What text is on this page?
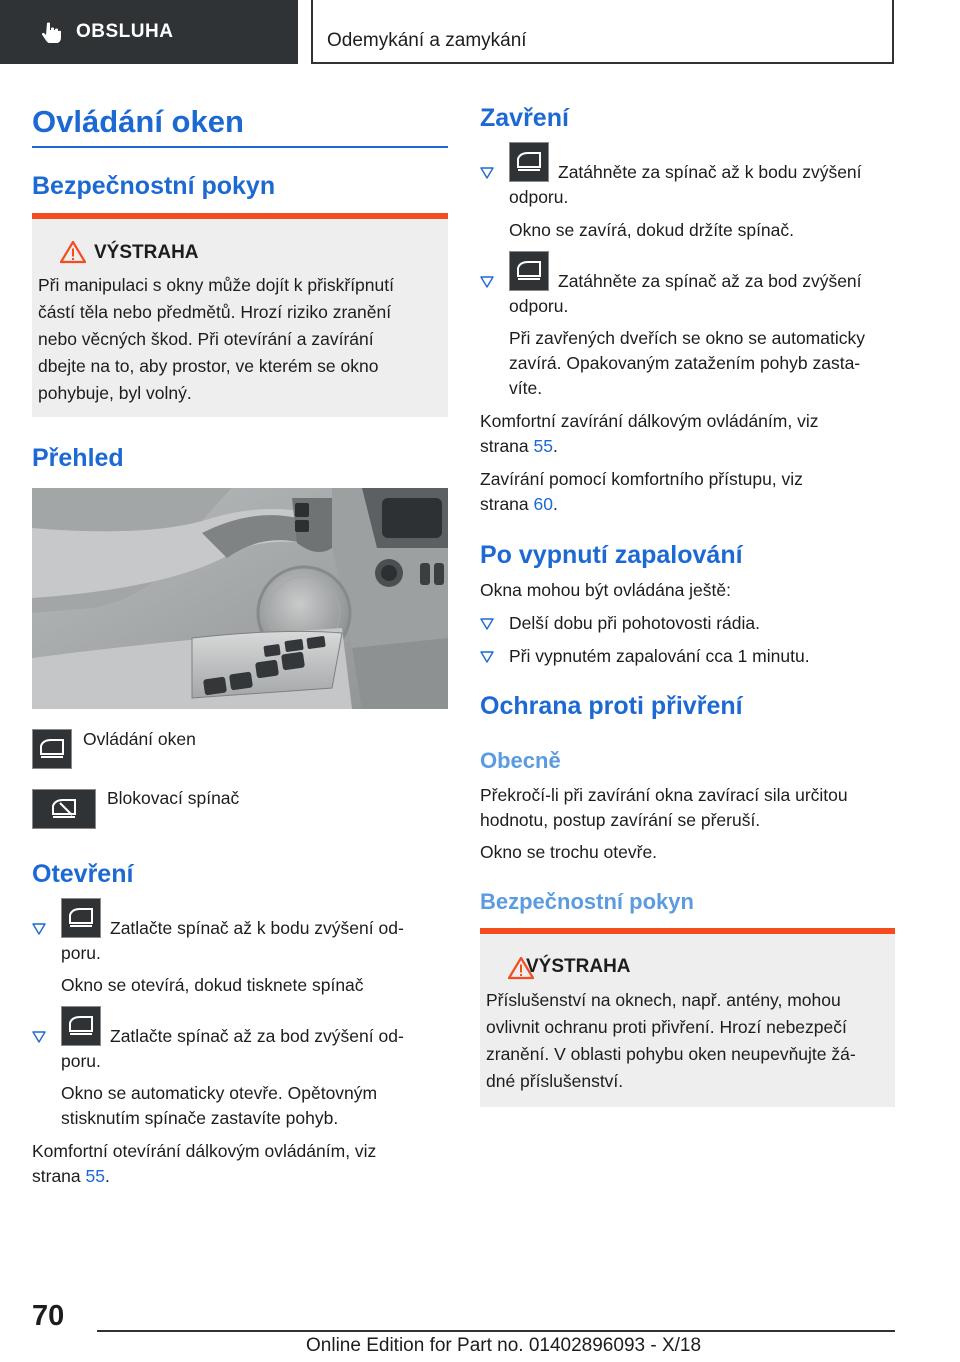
OBSLUHA	Odemykání a zamykání
Ovládání oken
Bezpečnostní pokyn
VÝSTRAHA
Při manipulaci s okny může dojít k přiskřípnutí
částí těla nebo předmětů. Hrozí riziko zranění
nebo věcných škod. Při otevírání a zavírání
dbejte na to, aby prostor, ve kterém se okno
pohybuje, byl volný.
Přehled
Ovládání oken
Blokovací spínač
Otevření
Zatlačte spínač až k bodu zvýšení od-
poru.
Okno se otevírá, dokud tisknete spínač
Zatlačte spínač až za bod zvýšení od-
poru.
Okno se automaticky otevře. Opětovným
stisknutím spínače zastavíte pohyb.
Komfortní otevírání dálkovým ovládáním, viz
strana 55.
Zavření
Zatáhněte za spínač až k bodu zvýšení
odporu.
Okno se zavírá, dokud držíte spínač.
Zatáhněte za spínač až za bod zvýšení
odporu.
Při zavřených dveřích se okno se automaticky
zavírá. Opakovaným zatažením pohyb zasta-
víte.
Komfortní zavírání dálkovým ovládáním, viz
strana 55.
Zavírání pomocí komfortního přístupu, viz
strana 60.
Po vypnutí zapalování
Okna mohou být ovládána ještě:
Delší dobu při pohotovosti rádia.
Při vypnutém zapalování cca 1 minutu.
Ochrana proti přivření
Obecně
Překročí-li při zavírání okna zavírací sila určitou
hodnotu, postup zavírání se přeruší.
Okno se trochu otevře.
Bezpečnostní pokyn
VÝSTRAHA
Příslušenství na oknech, např. antény, mohou
ovlivnit ochranu proti přivření. Hrozí nebezpečí
zranění. V oblasti pohybu oken neupevňujte žá-
dné příslušenství.
70
Online Edition for Part no. 01402896093 - X/18
